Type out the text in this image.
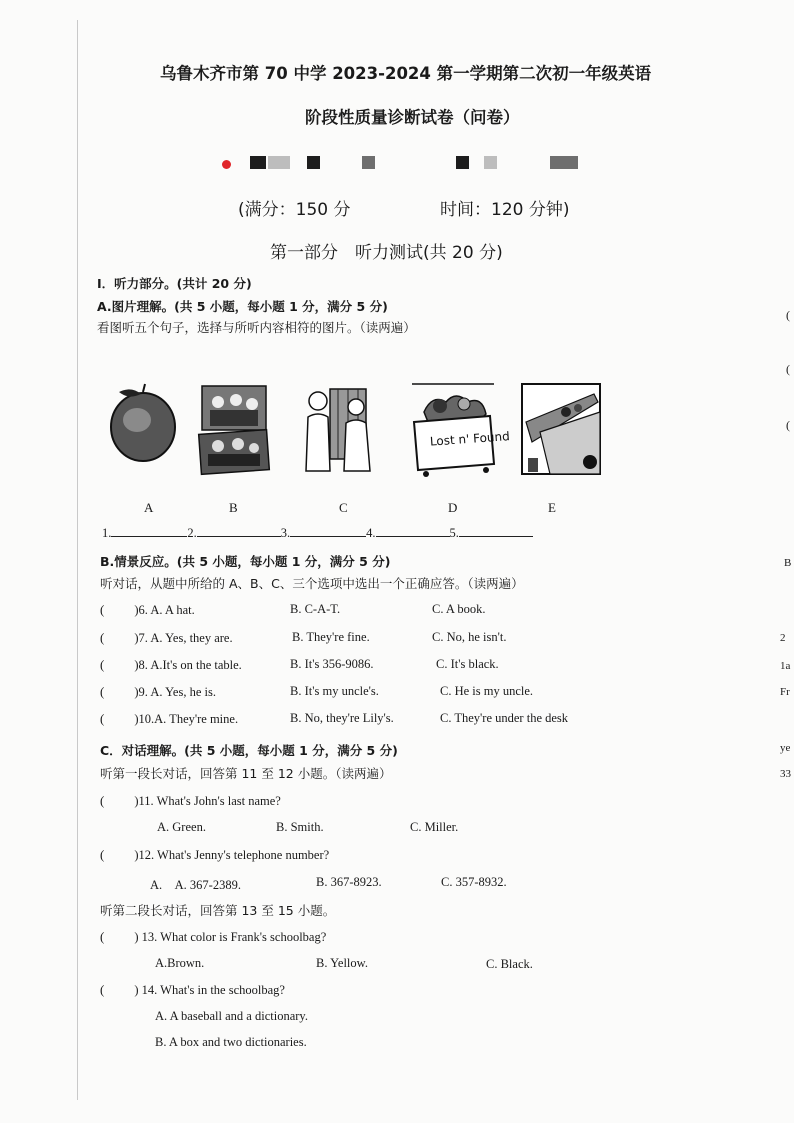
乌鲁木齐市第 70 中学 2023-2024 第一学期第二次初一年级英语
阶段性质量诊断试卷（问卷）
(满分：150 分	时间：120 分钟)
第一部分　听力测试(共 20 分)
I．听力部分。(共计 20 分)
A.图片理解。(共 5 小题，每小题 1 分，满分 5 分)
看图听五个句子，选择与所听内容相符的图片。（读两遍）
Lost n' Found
A	B	C	D	E
1.	2.	3.	4.	5.
B.情景反应。(共 5 小题，每小题 1 分，满分 5 分)
听对话，从题中所给的 A、B、C、三个选项中选出一个正确应答。（读两遍）
( )6. A. A hat.	B. C-A-T.	C. A book.
( )7. A. Yes, they are.	B. They're fine.	C. No, he isn't.
( )8. A.It's on the table.	B. It's 356-9086.	C. It's black.
( )9. A. Yes, he is.	B. It's my uncle's.	C. He is my uncle.
( )10.A. They're mine.	B. No, they're Lily's.	C. They're under the desk
C．对话理解。(共 5 小题，每小题 1 分，满分 5 分)
听第一段长对话，回答第 11 至 12 小题。（读两遍）
( )11. What's John's last name?
A. Green.	B. Smith.	C. Miller.
( )12. What's Jenny's telephone number?
A.　A. 367-2389.	B. 367-8923.	C. 357-8932.
听第二段长对话，回答第 13 至 15 小题。
( ) 13. What color is Frank's schoolbag?
A.Brown.	B. Yellow.	C. Black.
( ) 14. What's in the schoolbag?
A. A baseball and a dictionary.
B. A box and two dictionaries.
(
(
(
B
2
1a
Fr
ye
33
